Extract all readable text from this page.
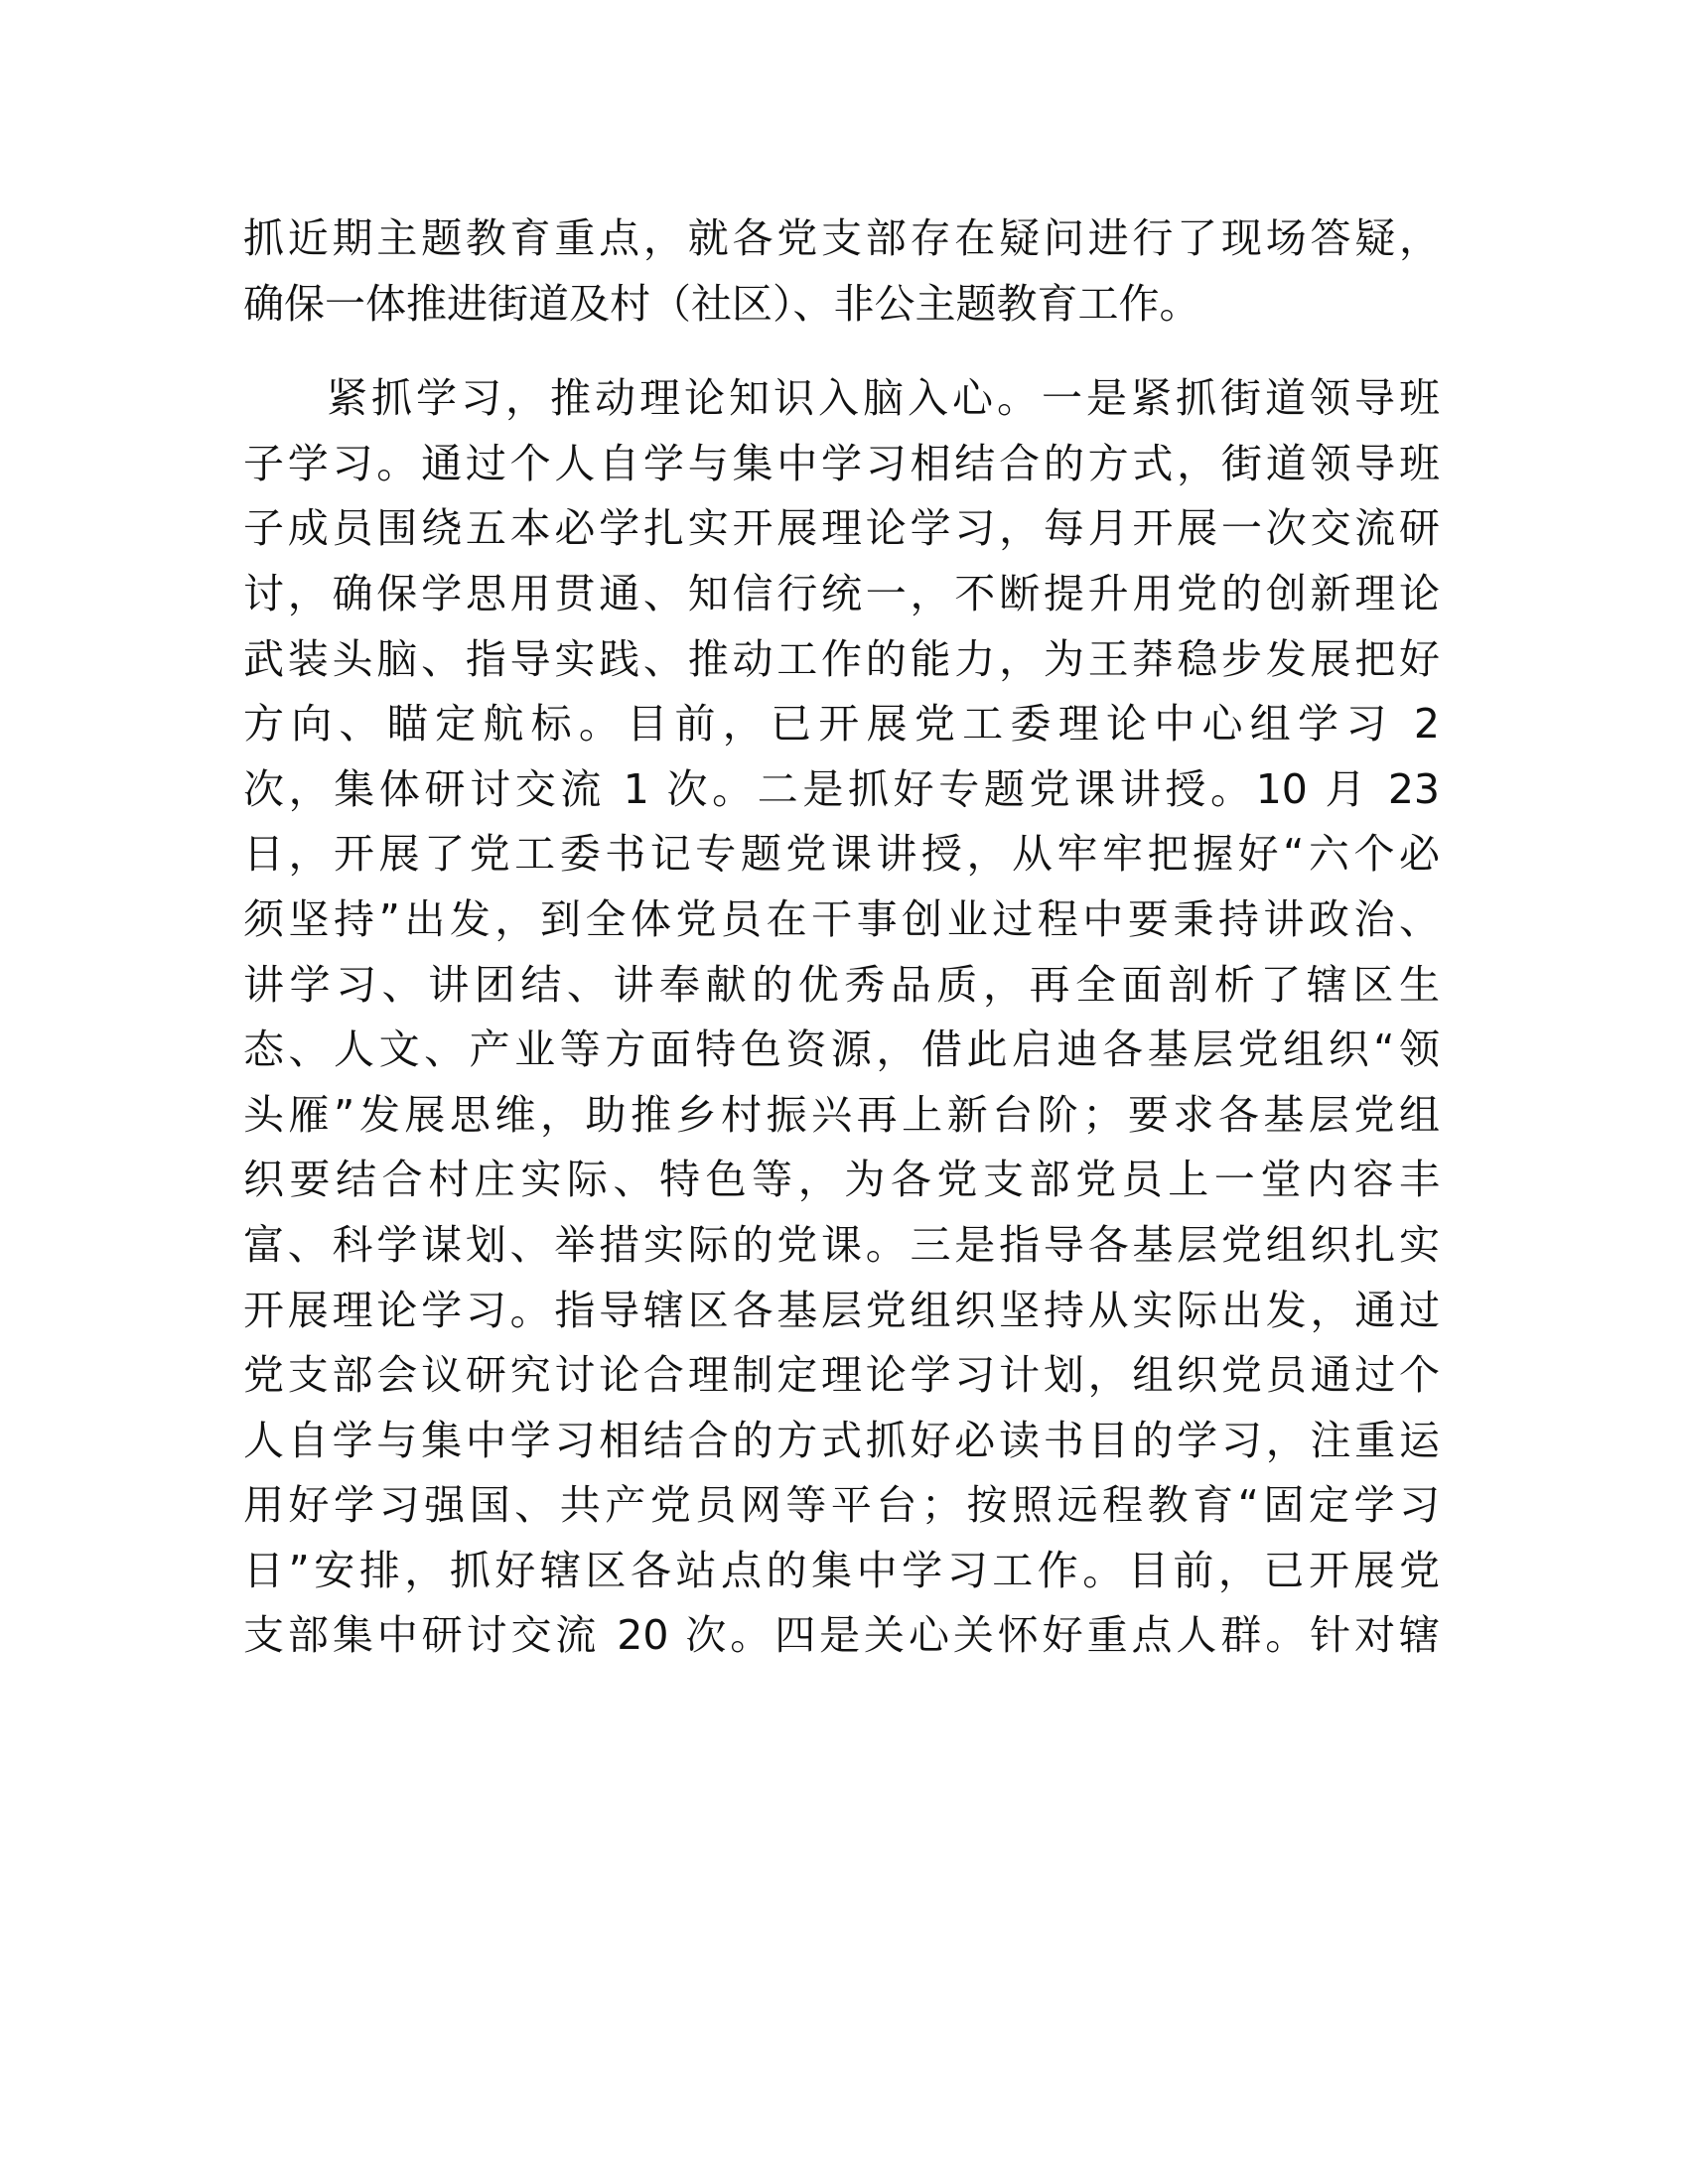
抓近期主题教育重点，就各党支部存在疑问进行了现场答疑，
确保一体推进街道及村（社区）、非公主题教育工作。
紧抓学习，推动理论知识入脑入心。一是紧抓街道领导班
子学习。通过个人自学与集中学习相结合的方式，街道领导班
子成员围绕五本必学扎实开展理论学习，每月开展一次交流研
讨，确保学思用贯通、知信行统一，不断提升用党的创新理论
武装头脑、指导实践、推动工作的能力，为王莽稳步发展把好
方向、瞄定航标。目前，已开展党工委理论中心组学习 2
次，集体研讨交流 1 次。二是抓好专题党课讲授。10 月 23
日，开展了党工委书记专题党课讲授，从牢牢把握好“六个必
须坚持”出发，到全体党员在干事创业过程中要秉持讲政治、
讲学习、讲团结、讲奉献的优秀品质，再全面剖析了辖区生
态、人文、产业等方面特色资源，借此启迪各基层党组织“领
头雁”发展思维，助推乡村振兴再上新台阶；要求各基层党组
织要结合村庄实际、特色等，为各党支部党员上一堂内容丰
富、科学谋划、举措实际的党课。三是指导各基层党组织扎实
开展理论学习。指导辖区各基层党组织坚持从实际出发，通过
党支部会议研究讨论合理制定理论学习计划，组织党员通过个
人自学与集中学习相结合的方式抓好必读书目的学习，注重运
用好学习强国、共产党员网等平台；按照远程教育“固定学习
日”安排，抓好辖区各站点的集中学习工作。目前，已开展党
支部集中研讨交流 20 次。四是关心关怀好重点人群。针对辖
